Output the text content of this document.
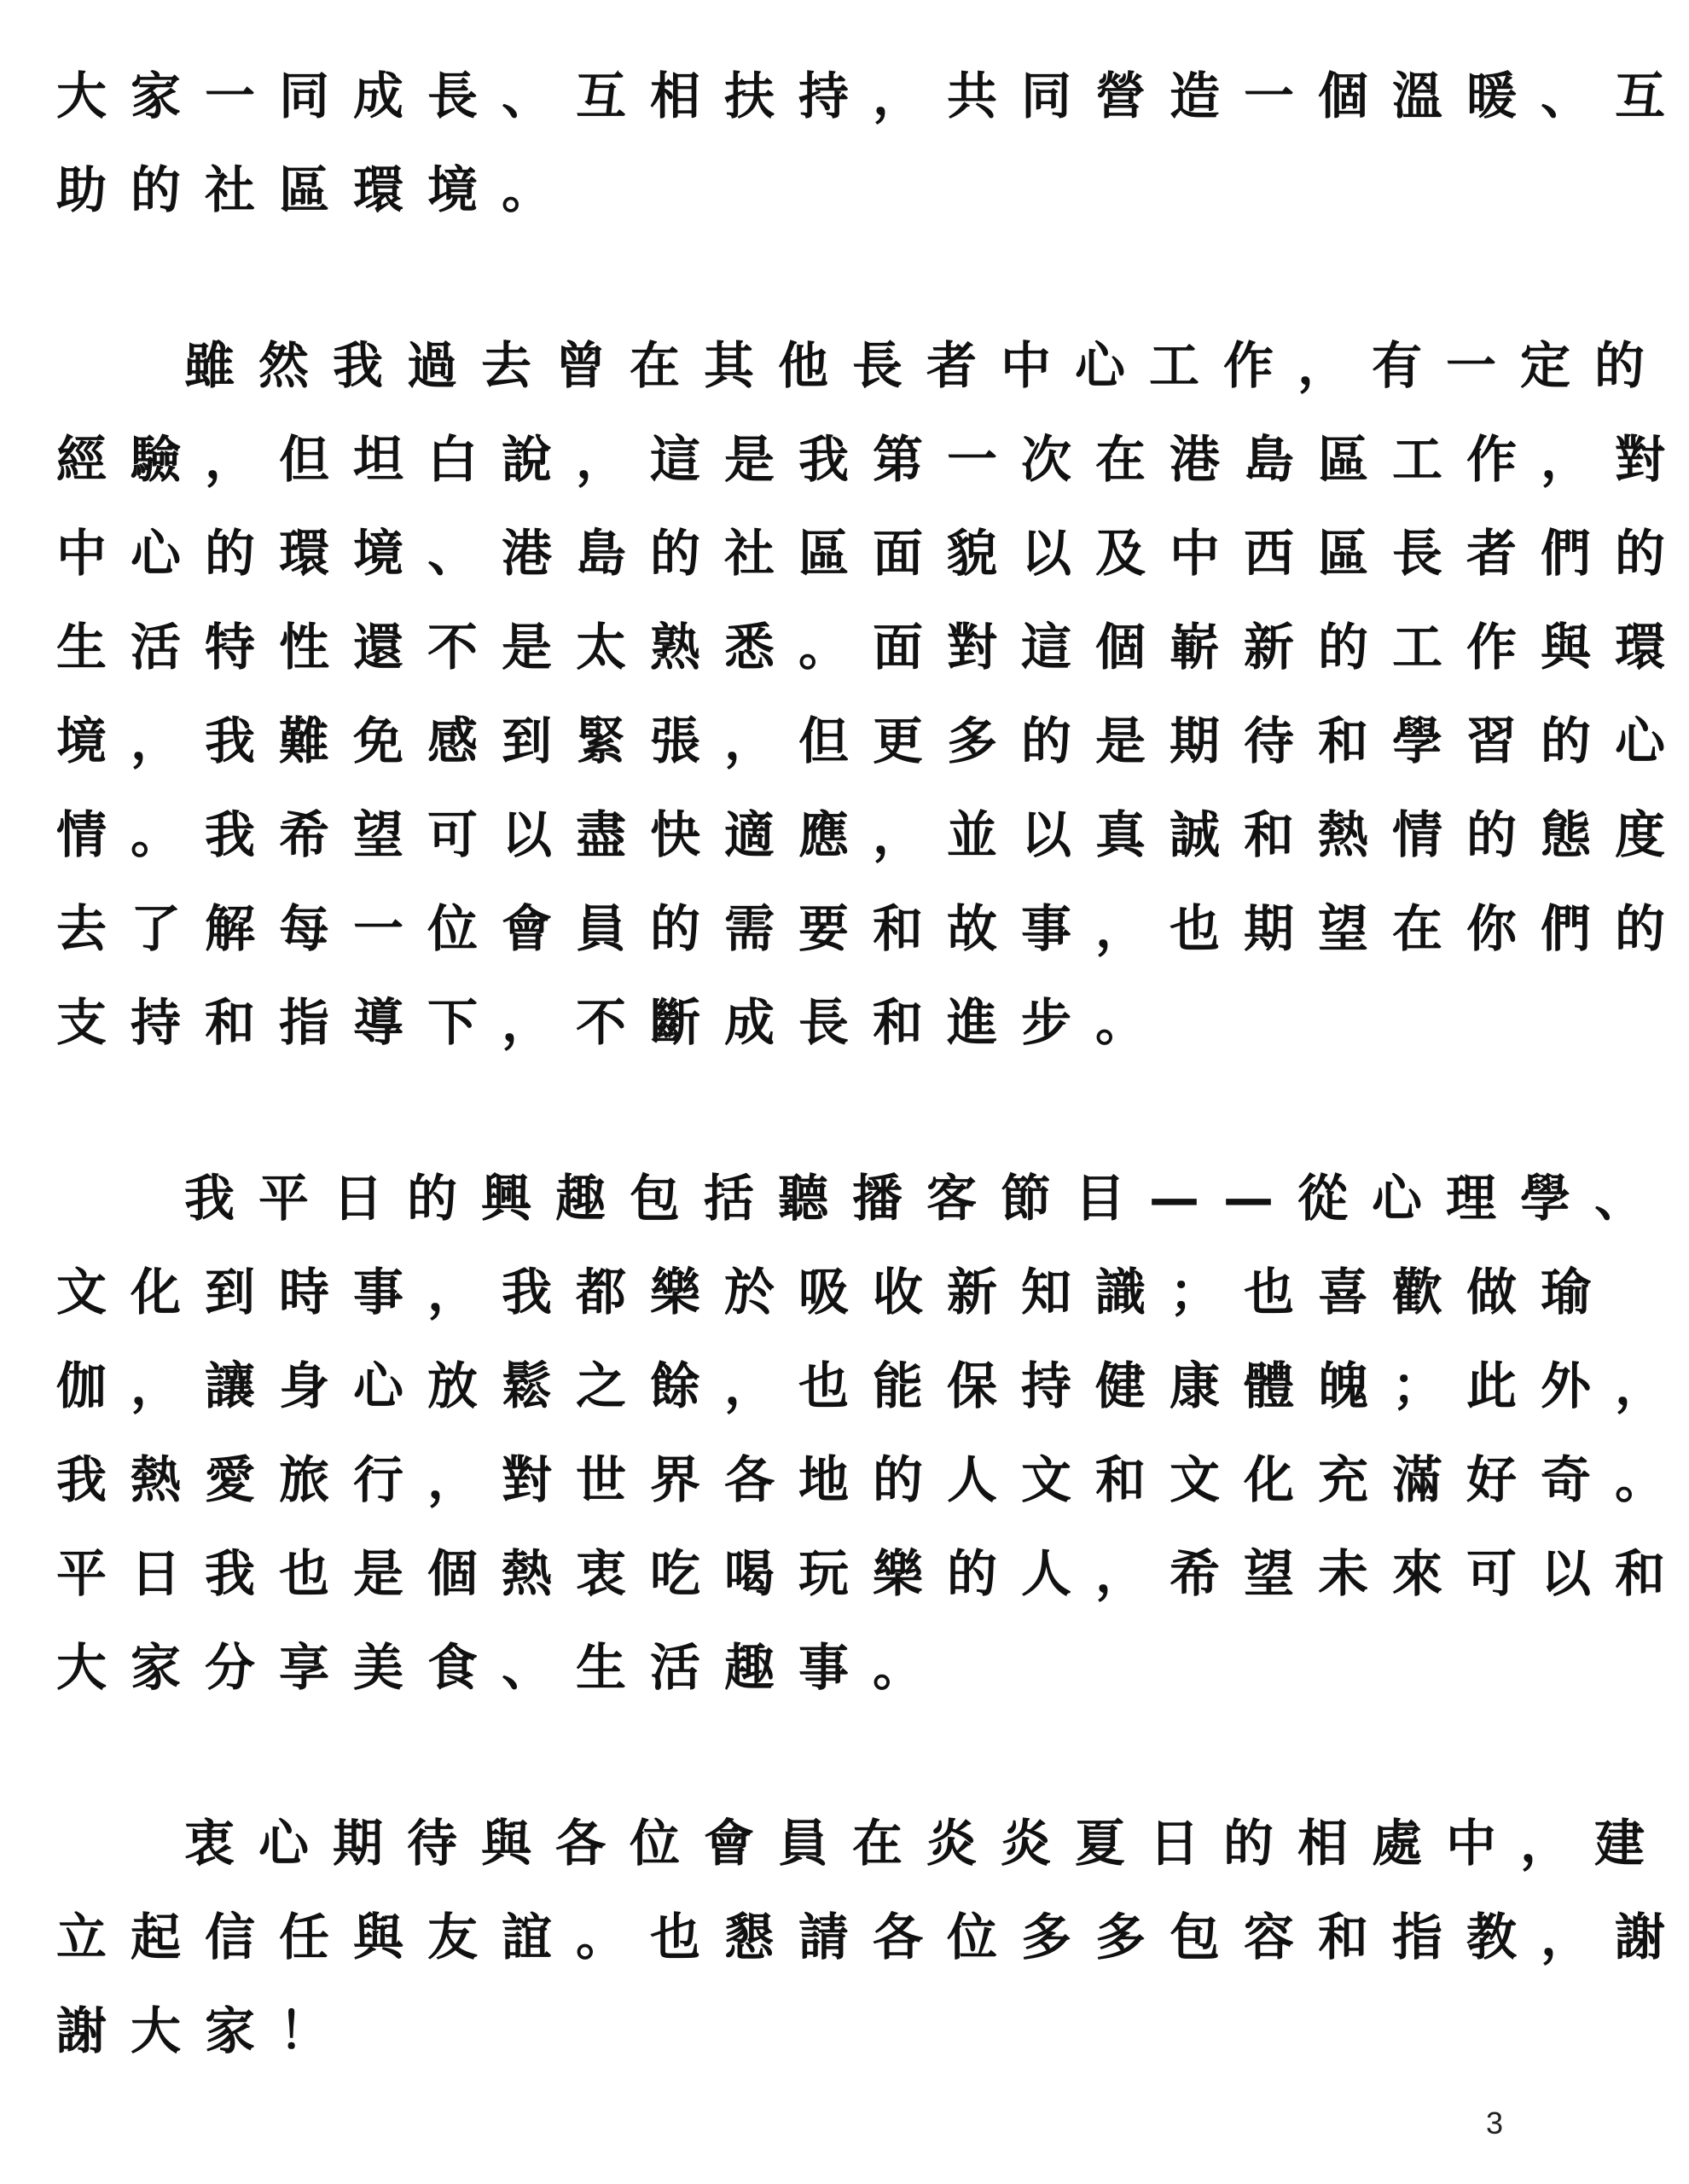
大家一同成長、互相扶持，共同營造一個溫暖、互
助的社區環境。
雖然我過去曾在其他長者中心工作，有一定的
經驗，但坦白說，這是我第一次在港島區工作，對
中心的環境、港島的社區面貌以及中西區長者們的
生活特性還不是太熟悉。面對這個嶄新的工作與環
境，我難免感到緊張，但更多的是期待和學習的心
情。我希望可以盡快適應，並以真誠和熱情的態度
去了解每一位會員的需要和故事，也期望在你們的
支持和指導下，不斷成長和進步。
我平日的興趣包括聽播客節目——從心理學、
文化到時事，我都樂於吸收新知識；也喜歡做瑜
伽，讓身心放鬆之餘，也能保持健康體魄；此外，
我熱愛旅行，對世界各地的人文和文化充滿好奇。
平日我也是個熱衷吃喝玩樂的人，希望未來可以和
大家分享美食、生活趣事。
衷心期待與各位會員在炎炎夏日的相處中，建
立起信任與友誼。也懇請各位多多包容和指教，謝
謝大家！
3
